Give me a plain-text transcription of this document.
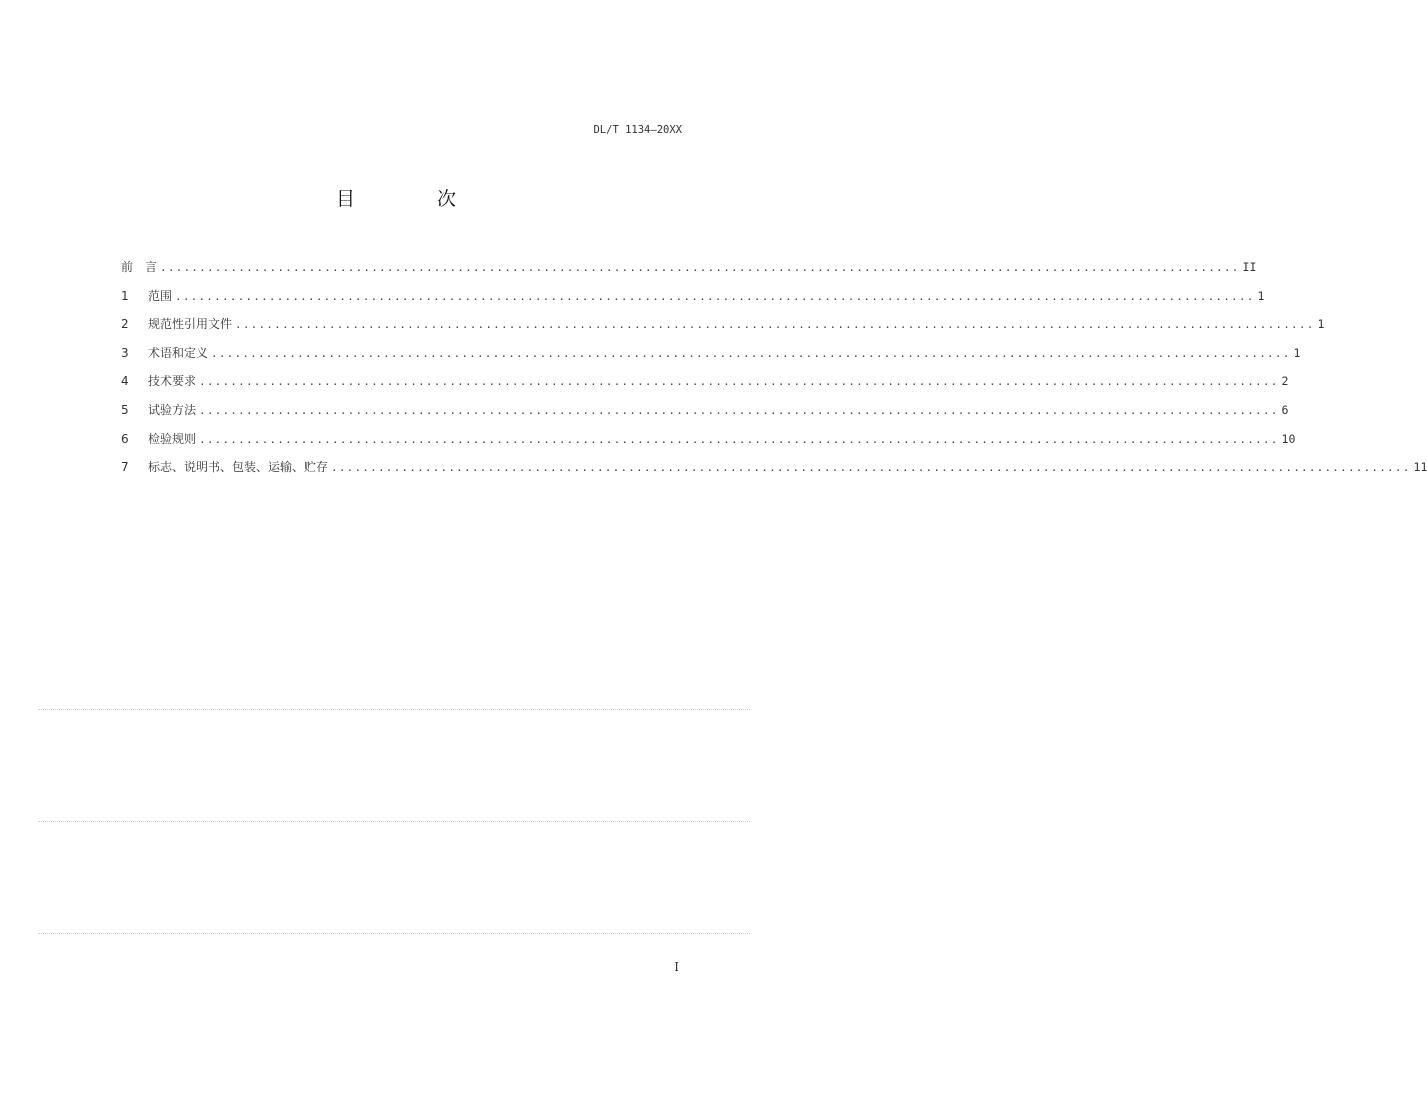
DL/T 1134—20XX
目 次
前　言 .......................................................................................................................................... II
1	范围 .......................................................................................................................................... 1
2	规范性引用文件 .......................................................................................................................................... 1
3	术语和定义 .......................................................................................................................................... 1
4	技术要求 .......................................................................................................................................... 2
5	试验方法 .......................................................................................................................................... 6
6	检验规则 .......................................................................................................................................... 10
7	标志、说明书、包装、运输、贮存 .......................................................................................................................................... 11
I
